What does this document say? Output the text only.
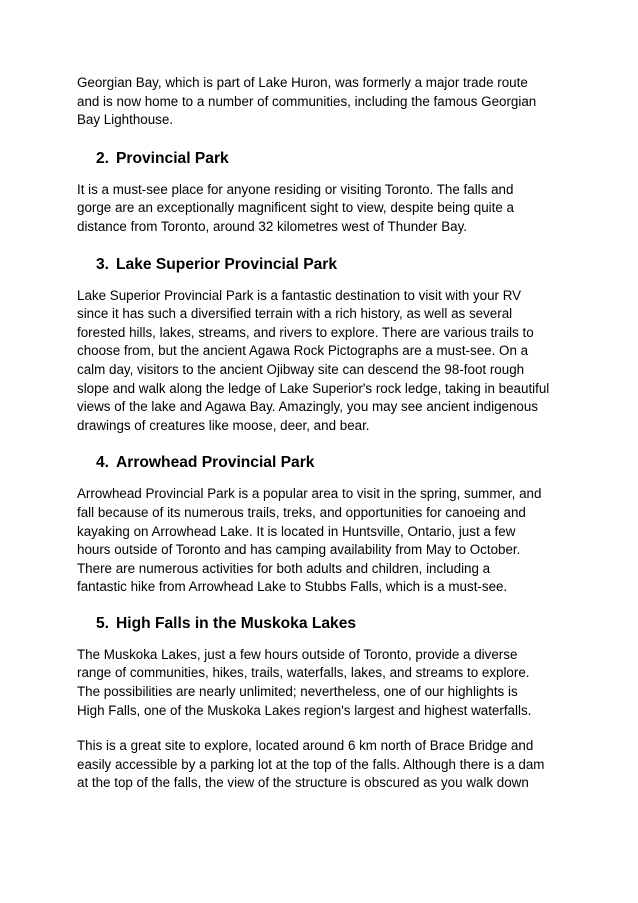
Georgian Bay, which is part of Lake Huron, was formerly a major trade route
and is now home to a number of communities, including the famous Georgian
Bay Lighthouse.

2. Provincial Park

It is a must-see place for anyone residing or visiting Toronto. The falls and
gorge are an exceptionally magnificent sight to view, despite being quite a
distance from Toronto, around 32 kilometres west of Thunder Bay.

3. Lake Superior Provincial Park

Lake Superior Provincial Park is a fantastic destination to visit with your RV
since it has such a diversified terrain with a rich history, as well as several
forested hills, lakes, streams, and rivers to explore. There are various trails to
choose from, but the ancient Agawa Rock Pictographs are a must-see. On a
calm day, visitors to the ancient Ojibway site can descend the 98-foot rough
slope and walk along the ledge of Lake Superior's rock ledge, taking in beautiful
views of the lake and Agawa Bay. Amazingly, you may see ancient indigenous
drawings of creatures like moose, deer, and bear.

4. Arrowhead Provincial Park

Arrowhead Provincial Park is a popular area to visit in the spring, summer, and
fall because of its numerous trails, treks, and opportunities for canoeing and
kayaking on Arrowhead Lake. It is located in Huntsville, Ontario, just a few
hours outside of Toronto and has camping availability from May to October.
There are numerous activities for both adults and children, including a
fantastic hike from Arrowhead Lake to Stubbs Falls, which is a must-see.

5. High Falls in the Muskoka Lakes

The Muskoka Lakes, just a few hours outside of Toronto, provide a diverse
range of communities, hikes, trails, waterfalls, lakes, and streams to explore.
The possibilities are nearly unlimited; nevertheless, one of our highlights is
High Falls, one of the Muskoka Lakes region's largest and highest waterfalls.

This is a great site to explore, located around 6 km north of Brace Bridge and
easily accessible by a parking lot at the top of the falls. Although there is a dam
at the top of the falls, the view of the structure is obscured as you walk down
